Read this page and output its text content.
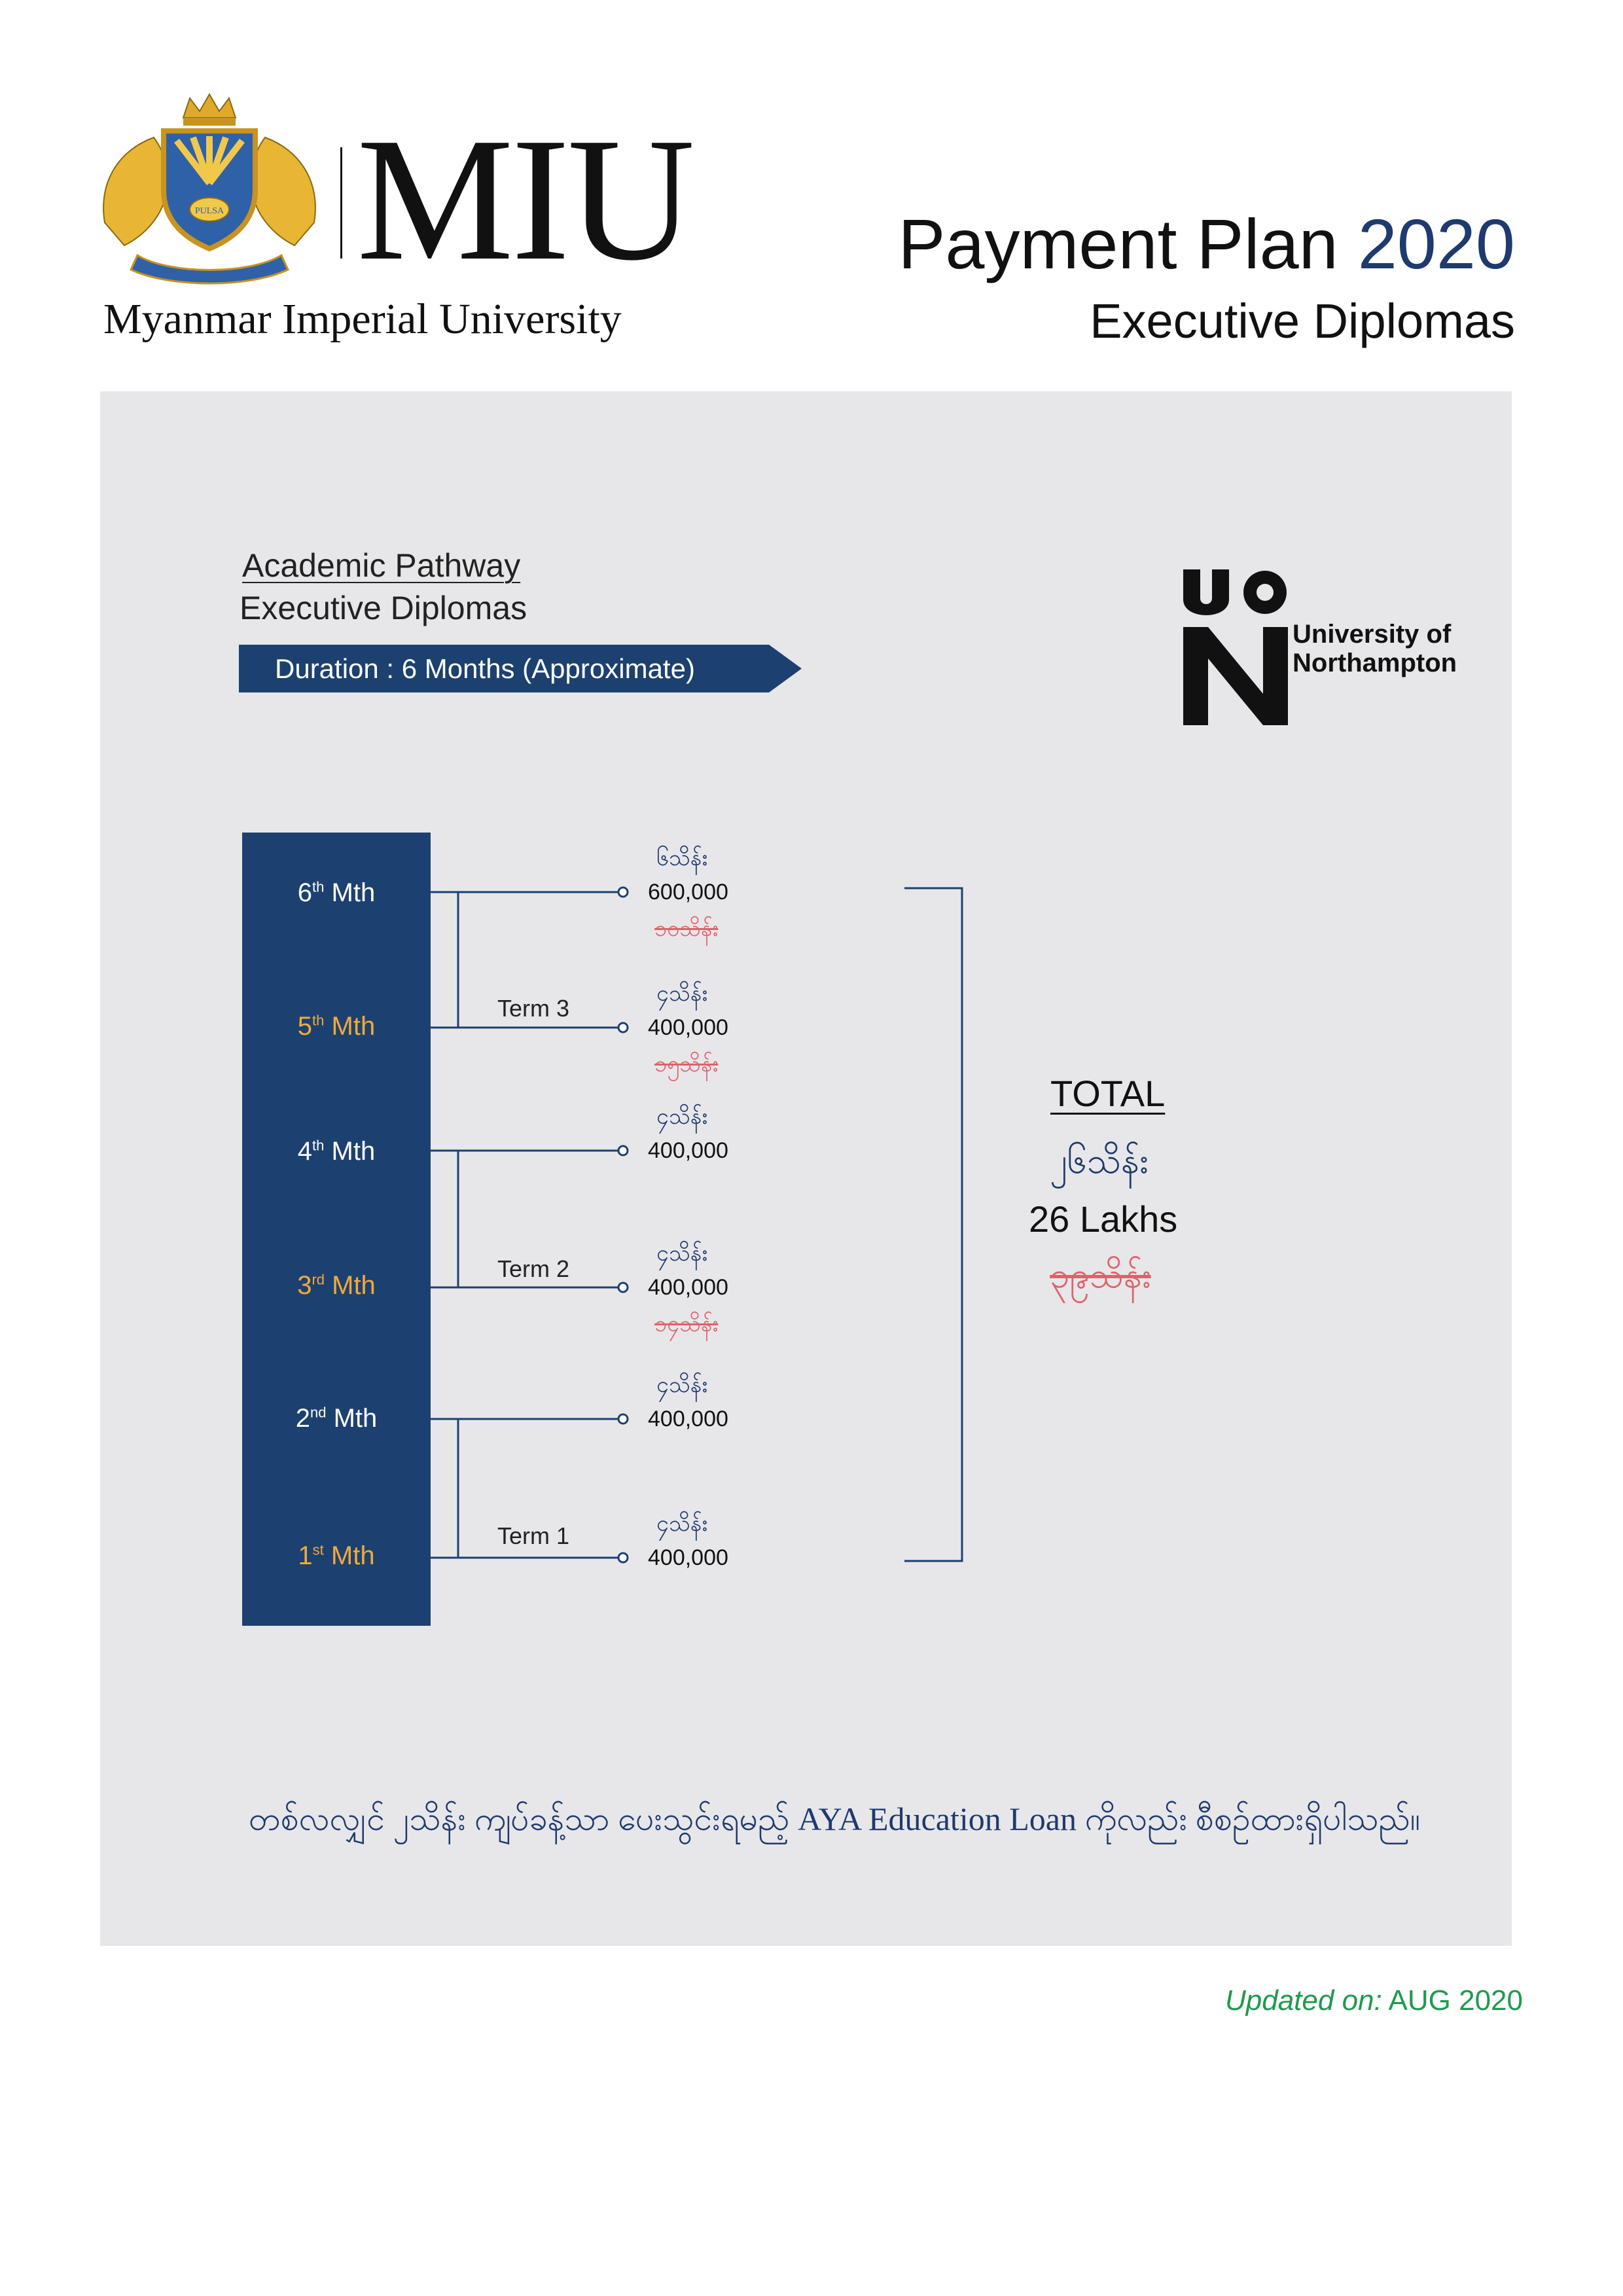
PULSA MIU
Myanmar Imperial University
Payment Plan 2020
Executive Diplomas
Academic Pathway
Executive Diplomas
Duration : 6 Months (Approximate)
University of
Northampton
6th Mth
5th Mth
4th Mth
3rd Mth
2nd Mth
1st Mth
Term 3
Term 2
Term 1
၆သိန်း
600,000
၁၀သိန်း
၄သိန်း
400,000
၁၅သိန်း
၄သိန်း
400,000
၄သိန်း
400,000
၁၄သိန်း
၄သိန်း
400,000
၄သိန်း
400,000
TOTAL
၂၆သိန်း
26 Lakhs
၃၉သိန်း
တစ်လလျှင် ၂သိန်း ကျပ်ခန့်သာ ပေးသွင်းရမည့် AYA Education Loan ကိုလည်း စီစဉ်ထားရှိပါသည်။
Updated on: AUG 2020
